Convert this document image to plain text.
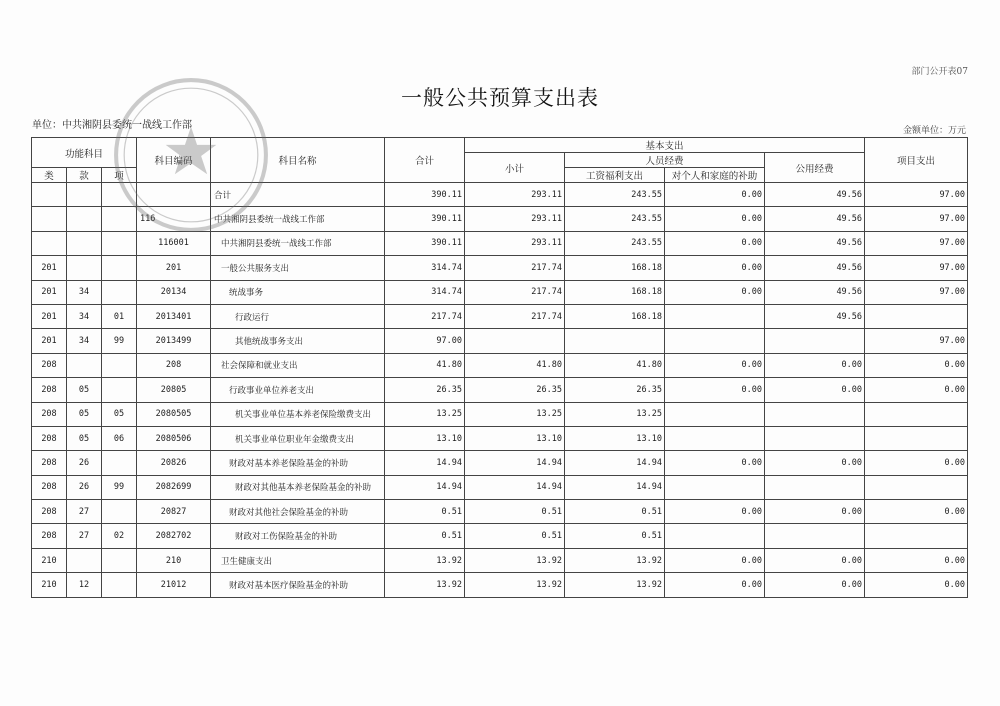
部门公开表07
一般公共预算支出表
单位：中共湘阴县委统一战线工作部	金额单位：万元
功能科目			科目编码	科目名称	合计	基本支出				项目支出
						小计	人员经费		公用经费	
类	款	项					工资福利支出	对个人和家庭的补助		
				合计	390.11	293.11	243.55	0.00	49.56	97.00
			116	中共湘阴县委统一战线工作部	390.11	293.11	243.55	0.00	49.56	97.00
			116001	中共湘阴县委统一战线工作部	390.11	293.11	243.55	0.00	49.56	97.00
201			201	一般公共服务支出	314.74	217.74	168.18	0.00	49.56	97.00
201	34		20134	统战事务	314.74	217.74	168.18	0.00	49.56	97.00
201	34	01	2013401	行政运行	217.74	217.74	168.18		49.56	
201	34	99	2013499	其他统战事务支出	97.00					97.00
208			208	社会保障和就业支出	41.80	41.80	41.80	0.00	0.00	0.00
208	05		20805	行政事业单位养老支出	26.35	26.35	26.35	0.00	0.00	0.00
208	05	05	2080505	机关事业单位基本养老保险缴费支出	13.25	13.25	13.25			
208	05	06	2080506	机关事业单位职业年金缴费支出	13.10	13.10	13.10			
208	26		20826	财政对基本养老保险基金的补助	14.94	14.94	14.94	0.00	0.00	0.00
208	26	99	2082699	财政对其他基本养老保险基金的补助	14.94	14.94	14.94			
208	27		20827	财政对其他社会保险基金的补助	0.51	0.51	0.51	0.00	0.00	0.00
208	27	02	2082702	财政对工伤保险基金的补助	0.51	0.51	0.51			
210			210	卫生健康支出	13.92	13.92	13.92	0.00	0.00	0.00
210	12		21012	财政对基本医疗保险基金的补助	13.92	13.92	13.92	0.00	0.00	0.00
